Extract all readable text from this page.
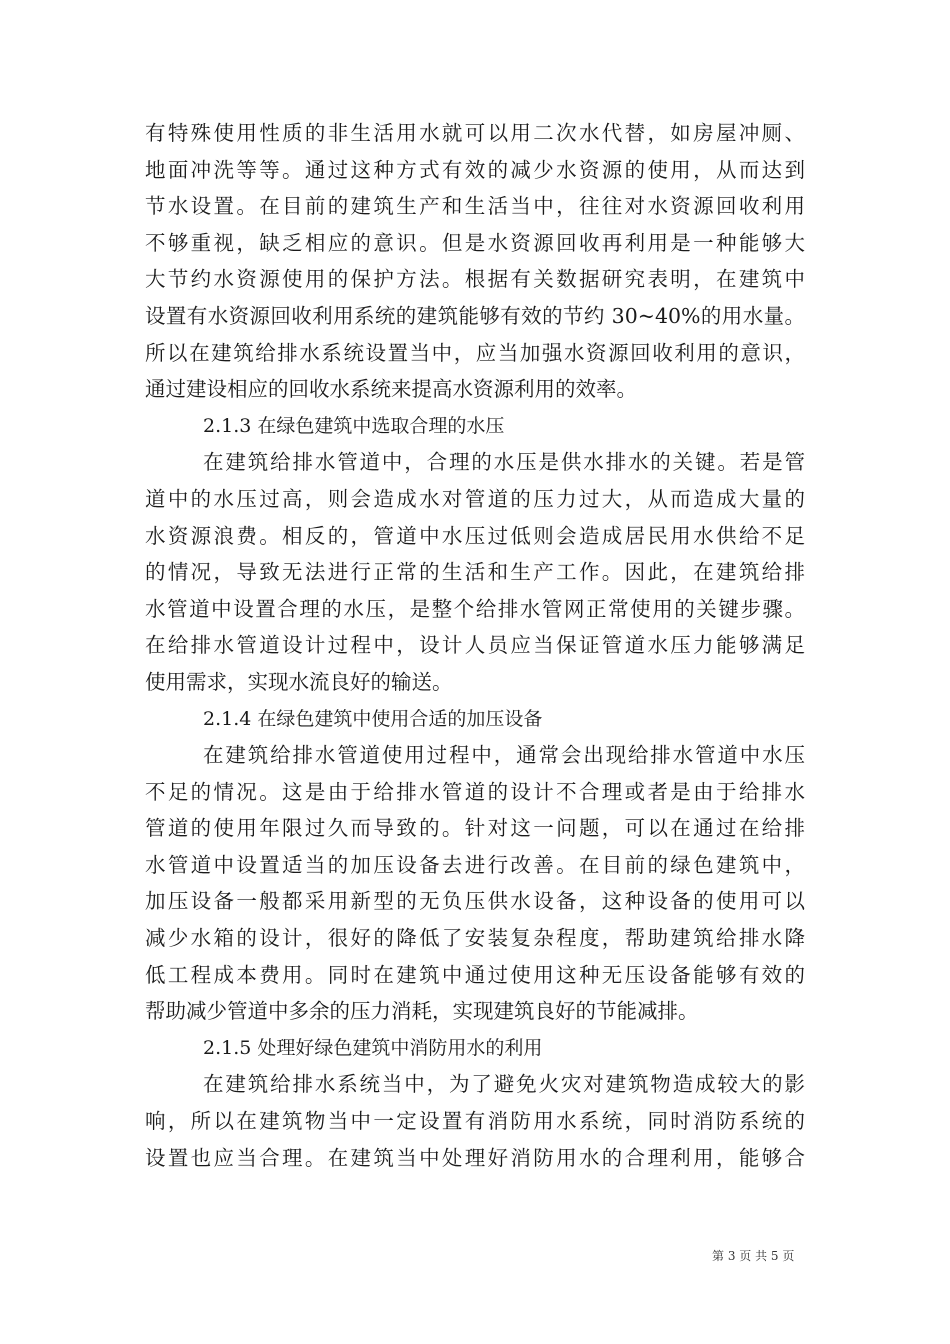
有特殊使用性质的非生活用水就可以用二次水代替，如房屋冲厕、
地面冲洗等等。通过这种方式有效的减少水资源的使用，从而达到
节水设置。在目前的建筑生产和生活当中，往往对水资源回收利用
不够重视，缺乏相应的意识。但是水资源回收再利用是一种能够大
大节约水资源使用的保护方法。根据有关数据研究表明，在建筑中
设置有水资源回收利用系统的建筑能够有效的节约 30~40%的用水量。
所以在建筑给排水系统设置当中，应当加强水资源回收利用的意识，
通过建设相应的回收水系统来提高水资源利用的效率。
2.1.3 在绿色建筑中选取合理的水压
在建筑给排水管道中，合理的水压是供水排水的关键。若是管
道中的水压过高，则会造成水对管道的压力过大，从而造成大量的
水资源浪费。相反的，管道中水压过低则会造成居民用水供给不足
的情况，导致无法进行正常的生活和生产工作。因此，在建筑给排
水管道中设置合理的水压，是整个给排水管网正常使用的关键步骤。
在给排水管道设计过程中，设计人员应当保证管道水压力能够满足
使用需求，实现水流良好的输送。
2.1.4 在绿色建筑中使用合适的加压设备
在建筑给排水管道使用过程中，通常会出现给排水管道中水压
不足的情况。这是由于给排水管道的设计不合理或者是由于给排水
管道的使用年限过久而导致的。针对这一问题，可以在通过在给排
水管道中设置适当的加压设备去进行改善。在目前的绿色建筑中，
加压设备一般都采用新型的无负压供水设备，这种设备的使用可以
减少水箱的设计，很好的降低了安装复杂程度，帮助建筑给排水降
低工程成本费用。同时在建筑中通过使用这种无压设备能够有效的
帮助减少管道中多余的压力消耗，实现建筑良好的节能减排。
2.1.5 处理好绿色建筑中消防用水的利用
在建筑给排水系统当中，为了避免火灾对建筑物造成较大的影
响，所以在建筑物当中一定设置有消防用水系统，同时消防系统的
设置也应当合理。在建筑当中处理好消防用水的合理利用，能够合
第 3 页 共 5 页
